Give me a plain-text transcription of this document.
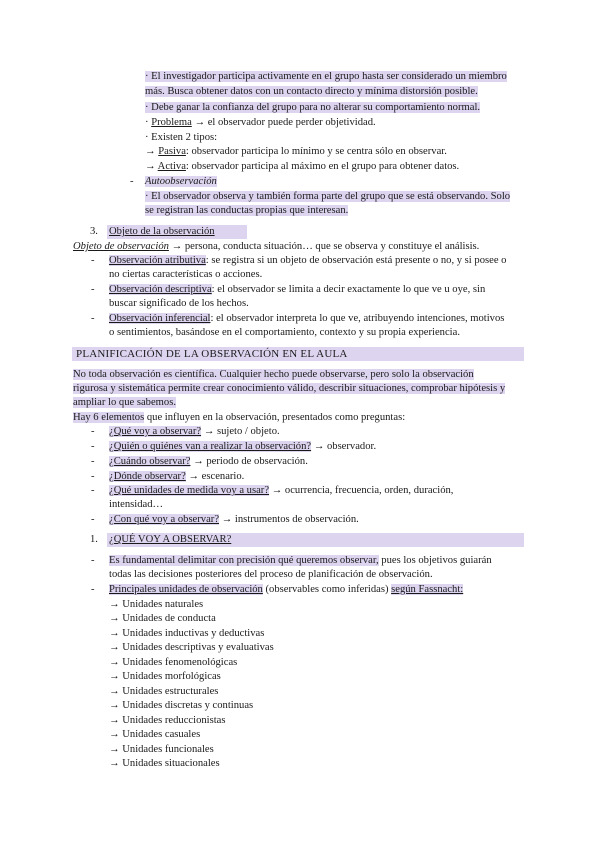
· El investigador participa activamente en el grupo hasta ser considerado un miembro
más. Busca obtener datos con un contacto directo y mínima distorsión posible.
· Debe ganar la confianza del grupo para no alterar su comportamiento normal.
· Problema → el observador puede perder objetividad.
· Existen 2 tipos:
→ Pasiva: observador participa lo mínimo y se centra sólo en observar.
→ Activa: observador participa al máximo en el grupo para obtener datos.
- Autoobservación
· El observador observa y también forma parte del grupo que se está observando. Solo
se registran las conductas propias que interesan.
3. Objeto de la observación
Objeto de observación → persona, conducta situación… que se observa y constituye el análisis.
- Observación atributiva: se registra si un objeto de observación está presente o no, y si posee o
no ciertas características o acciones.
- Observación descriptiva: el observador se limita a decir exactamente lo que ve u oye, sin
buscar significado de los hechos.
- Observación inferencial: el observador interpreta lo que ve, atribuyendo intenciones, motivos
o sentimientos, basándose en el comportamiento, contexto y su propia experiencia.
PLANIFICACIÓN DE LA OBSERVACIÓN EN EL AULA
No toda observación es científica. Cualquier hecho puede observarse, pero solo la observación
rigurosa y sistemática permite crear conocimiento válido, describir situaciones, comprobar hipótesis y
ampliar lo que sabemos.
Hay 6 elementos que influyen en la observación, presentados como preguntas:
- ¿Qué voy a observar? → sujeto / objeto.
- ¿Quién o quiénes van a realizar la observación? → observador.
- ¿Cuándo observar? → periodo de observación.
- ¿Dónde observar? → escenario.
- ¿Qué unidades de medida voy a usar? → ocurrencia, frecuencia, orden, duración,
intensidad…
- ¿Con qué voy a observar? → instrumentos de observación.
1. ¿QUÉ VOY A OBSERVAR?
- Es fundamental delimitar con precisión qué queremos observar, pues los objetivos guiarán
todas las decisiones posteriores del proceso de planificación de observación.
- Principales unidades de observación (observables como inferidas) según Fassnacht:
→ Unidades naturales
→ Unidades de conducta
→ Unidades inductivas y deductivas
→ Unidades descriptivas y evaluativas
→ Unidades fenomenológicas
→ Unidades morfológicas
→ Unidades estructurales
→ Unidades discretas y continuas
→ Unidades reduccionistas
→ Unidades casuales
→ Unidades funcionales
→ Unidades situacionales
